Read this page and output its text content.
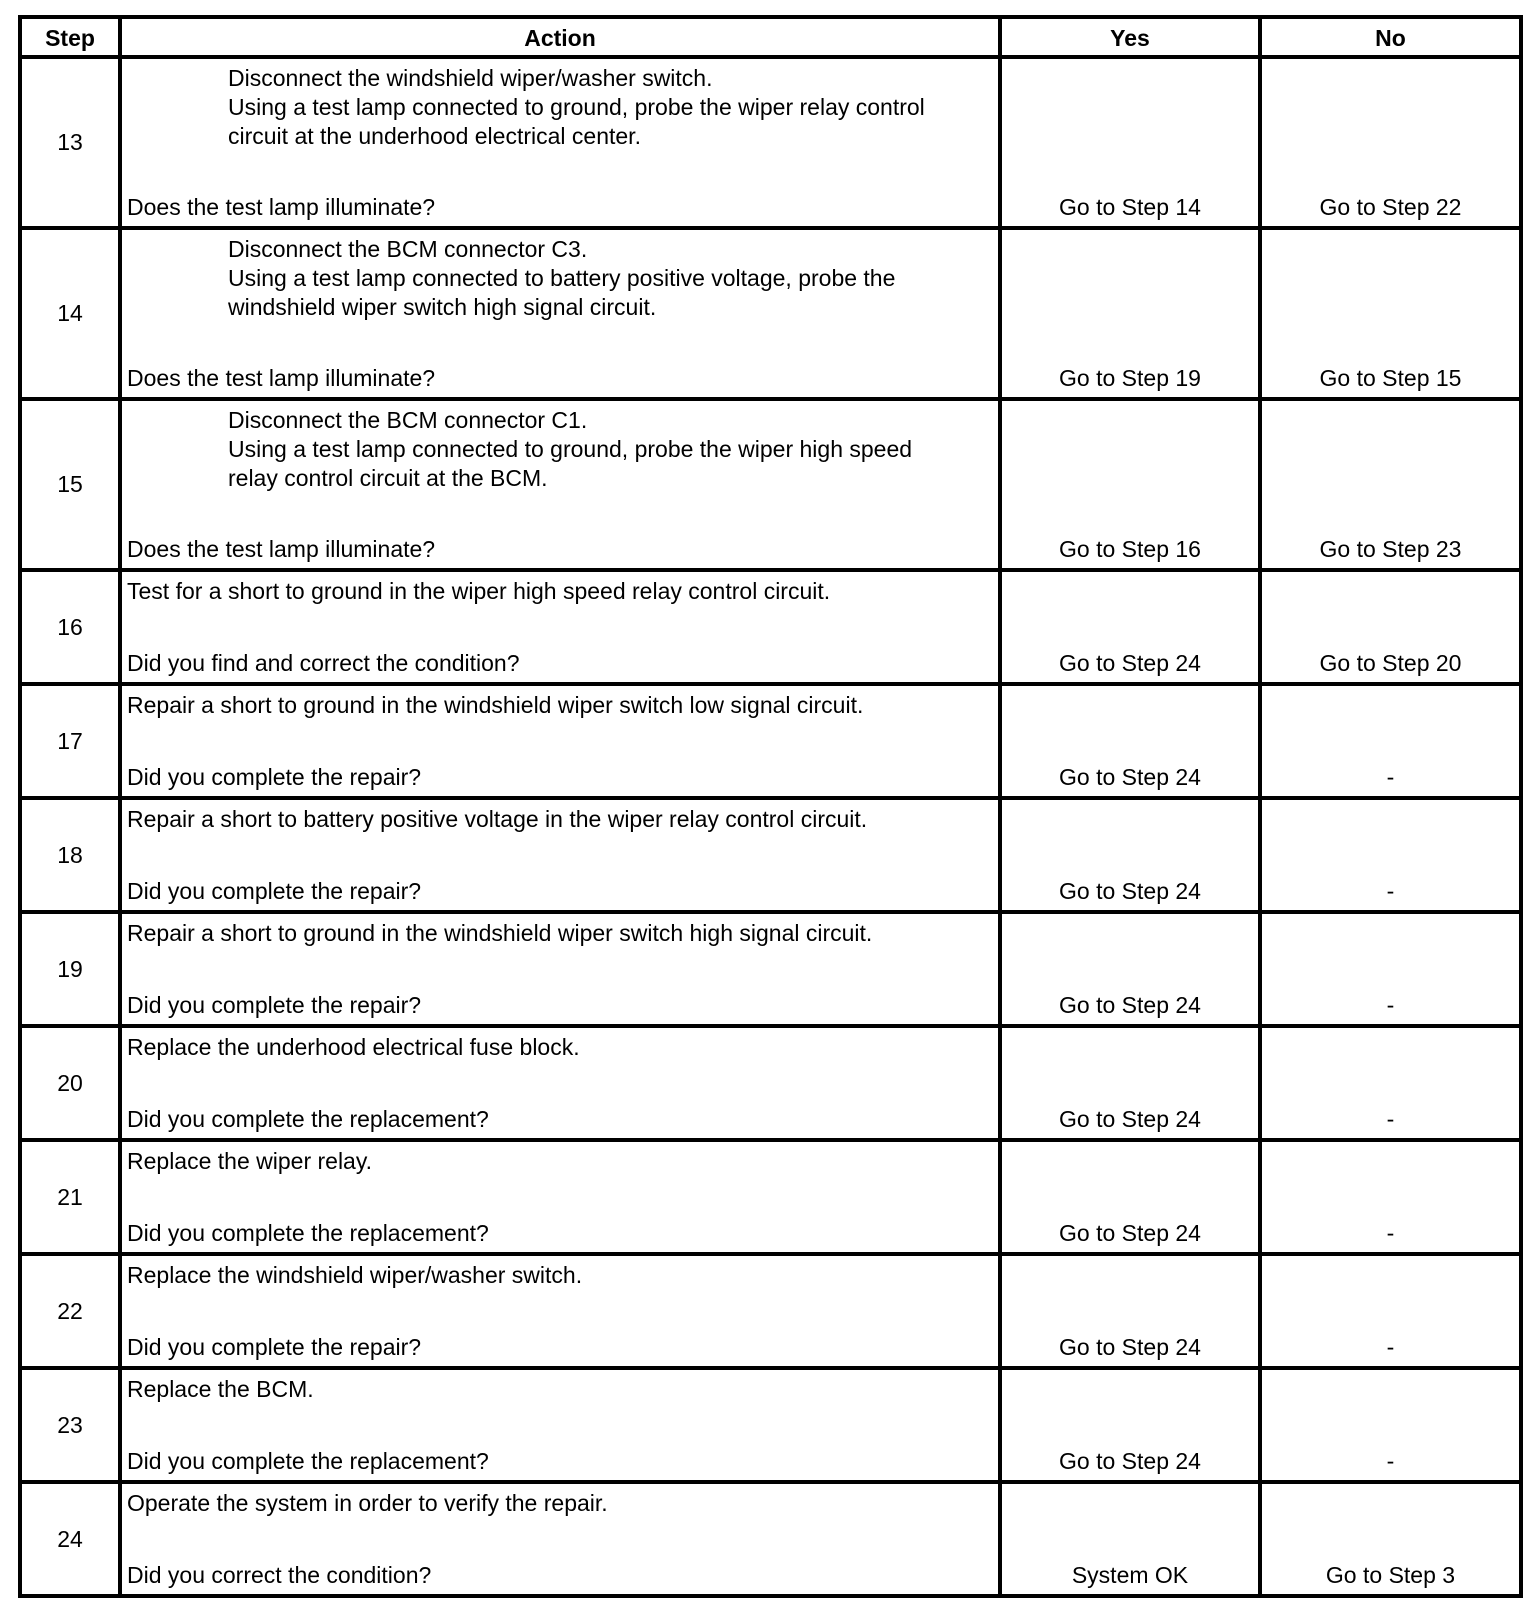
Step	Action	Yes	No
13	Disconnect the windshield wiper/washer switch.
Using a test lamp connected to ground, probe the wiper relay control
circuit at the underhood electrical center.
Does the test lamp illuminate?	Go to Step 14	Go to Step 22
14	Disconnect the BCM connector C3.
Using a test lamp connected to battery positive voltage, probe the
windshield wiper switch high signal circuit.
Does the test lamp illuminate?	Go to Step 19	Go to Step 15
15	Disconnect the BCM connector C1.
Using a test lamp connected to ground, probe the wiper high speed
relay control circuit at the BCM.
Does the test lamp illuminate?	Go to Step 16	Go to Step 23
16	Test for a short to ground in the wiper high speed relay control circuit.
Did you find and correct the condition?	Go to Step 24	Go to Step 20
17	Repair a short to ground in the windshield wiper switch low signal circuit.
Did you complete the repair?	Go to Step 24	-
18	Repair a short to battery positive voltage in the wiper relay control circuit.
Did you complete the repair?	Go to Step 24	-
19	Repair a short to ground in the windshield wiper switch high signal circuit.
Did you complete the repair?	Go to Step 24	-
20	Replace the underhood electrical fuse block.
Did you complete the replacement?	Go to Step 24	-
21	Replace the wiper relay.
Did you complete the replacement?	Go to Step 24	-
22	Replace the windshield wiper/washer switch.
Did you complete the repair?	Go to Step 24	-
23	Replace the BCM.
Did you complete the replacement?	Go to Step 24	-
24	Operate the system in order to verify the repair.
Did you correct the condition?	System OK	Go to Step 3
